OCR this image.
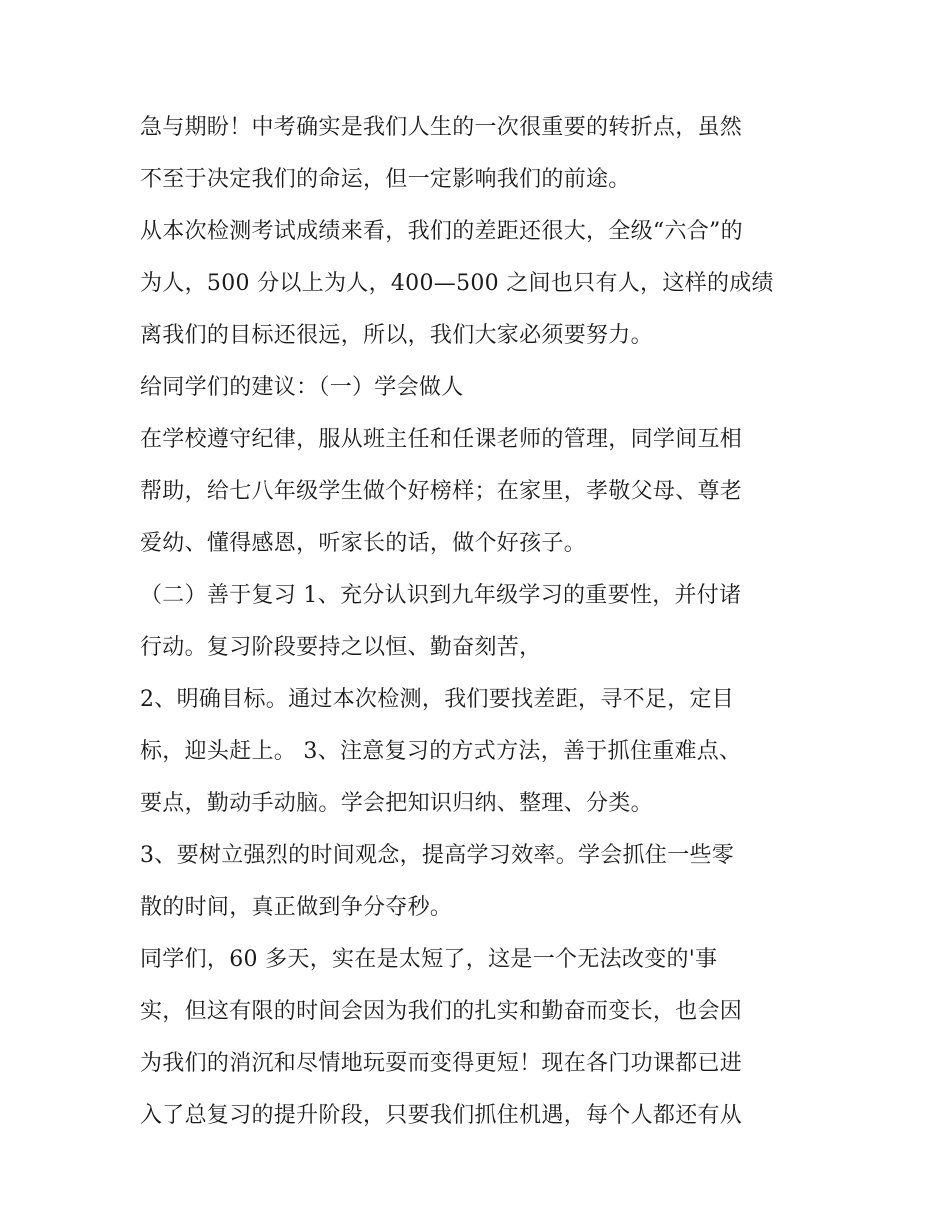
急与期盼！中考确实是我们人生的一次很重要的转折点，虽然

不至于决定我们的命运，但一定影响我们的前途。

从本次检测考试成绩来看，我们的差距还很大，全级“六合”的

为人，500 分以上为人，400—500 之间也只有人，这样的成绩

离我们的目标还很远，所以，我们大家必须要努力。

给同学们的建议：（一）学会做人

在学校遵守纪律，服从班主任和任课老师的管理，同学间互相

帮助，给七八年级学生做个好榜样；在家里，孝敬父母、尊老

爱幼、懂得感恩，听家长的话，做个好孩子。

（二）善于复习 1、充分认识到九年级学习的重要性，并付诸

行动。复习阶段要持之以恒、勤奋刻苦，

2、明确目标。通过本次检测，我们要找差距，寻不足，定目

标，迎头赶上。 3、注意复习的方式方法，善于抓住重难点、

要点，勤动手动脑。学会把知识归纳、整理、分类。

3、要树立强烈的时间观念，提高学习效率。学会抓住一些零

散的时间，真正做到争分夺秒。

同学们，60 多天，实在是太短了，这是一个无法改变的'事

实，但这有限的时间会因为我们的扎实和勤奋而变长，也会因

为我们的消沉和尽情地玩耍而变得更短！现在各门功课都已进

入了总复习的提升阶段，只要我们抓住机遇，每个人都还有从
